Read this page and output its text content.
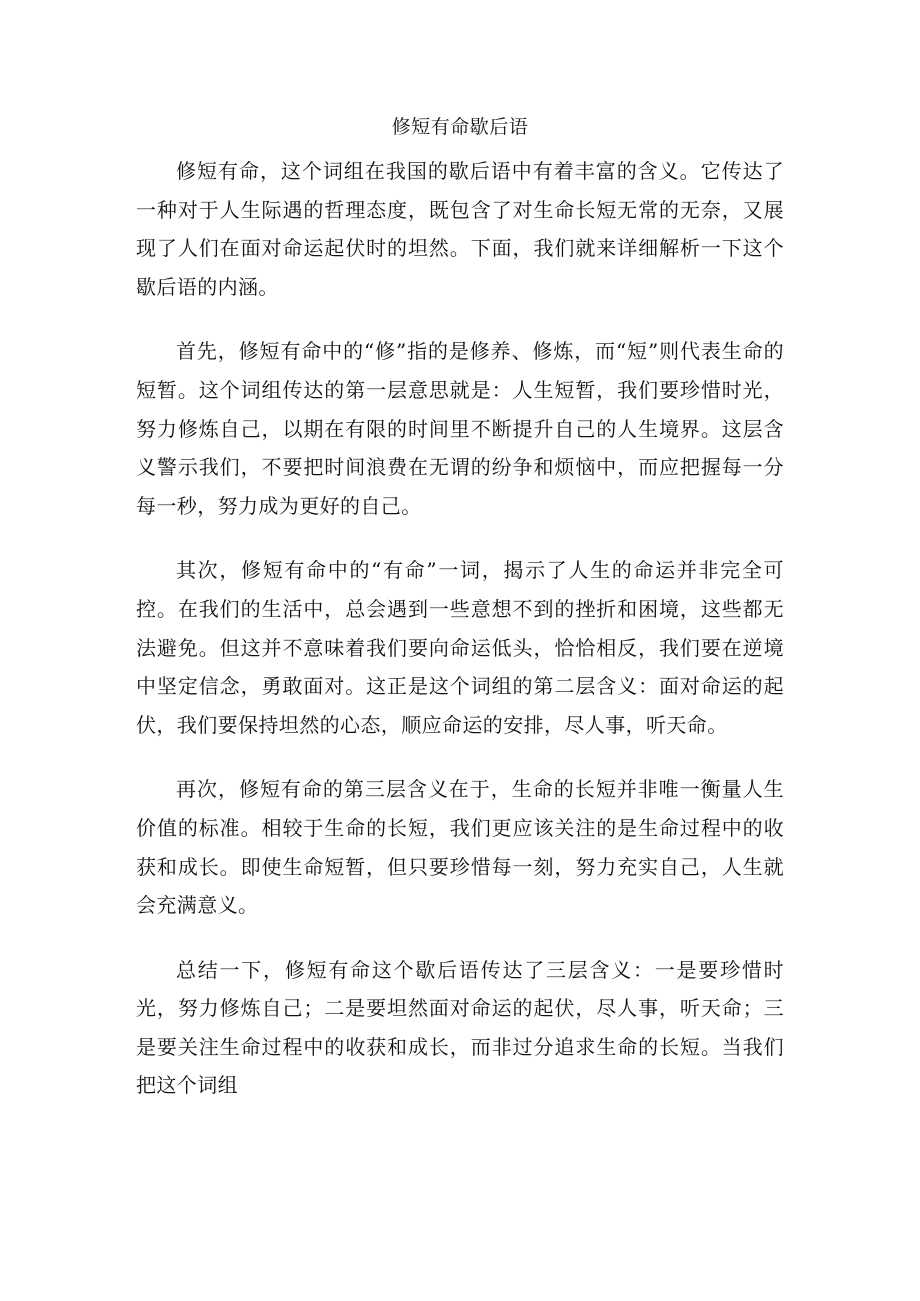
修短有命歇后语

修短有命，这个词组在我国的歇后语中有着丰富的含义。它传达了一种对于人生际遇的哲理态度，既包含了对生命长短无常的无奈，又展现了人们在面对命运起伏时的坦然。下面，我们就来详细解析一下这个歇后语的内涵。

首先，修短有命中的“修”指的是修养、修炼，而“短”则代表生命的短暂。这个词组传达的第一层意思就是：人生短暂，我们要珍惜时光，努力修炼自己，以期在有限的时间里不断提升自己的人生境界。这层含义警示我们，不要把时间浪费在无谓的纷争和烦恼中，而应把握每一分每一秒，努力成为更好的自己。

其次，修短有命中的“有命”一词，揭示了人生的命运并非完全可控。在我们的生活中，总会遇到一些意想不到的挫折和困境，这些都无法避免。但这并不意味着我们要向命运低头，恰恰相反，我们要在逆境中坚定信念，勇敢面对。这正是这个词组的第二层含义：面对命运的起伏，我们要保持坦然的心态，顺应命运的安排，尽人事，听天命。

再次，修短有命的第三层含义在于，生命的长短并非唯一衡量人生价值的标准。相较于生命的长短，我们更应该关注的是生命过程中的收获和成长。即使生命短暂，但只要珍惜每一刻，努力充实自己，人生就会充满意义。

总结一下，修短有命这个歇后语传达了三层含义：一是要珍惜时光，努力修炼自己；二是要坦然面对命运的起伏，尽人事，听天命；三是要关注生命过程中的收获和成长，而非过分追求生命的长短。当我们把这个词组
